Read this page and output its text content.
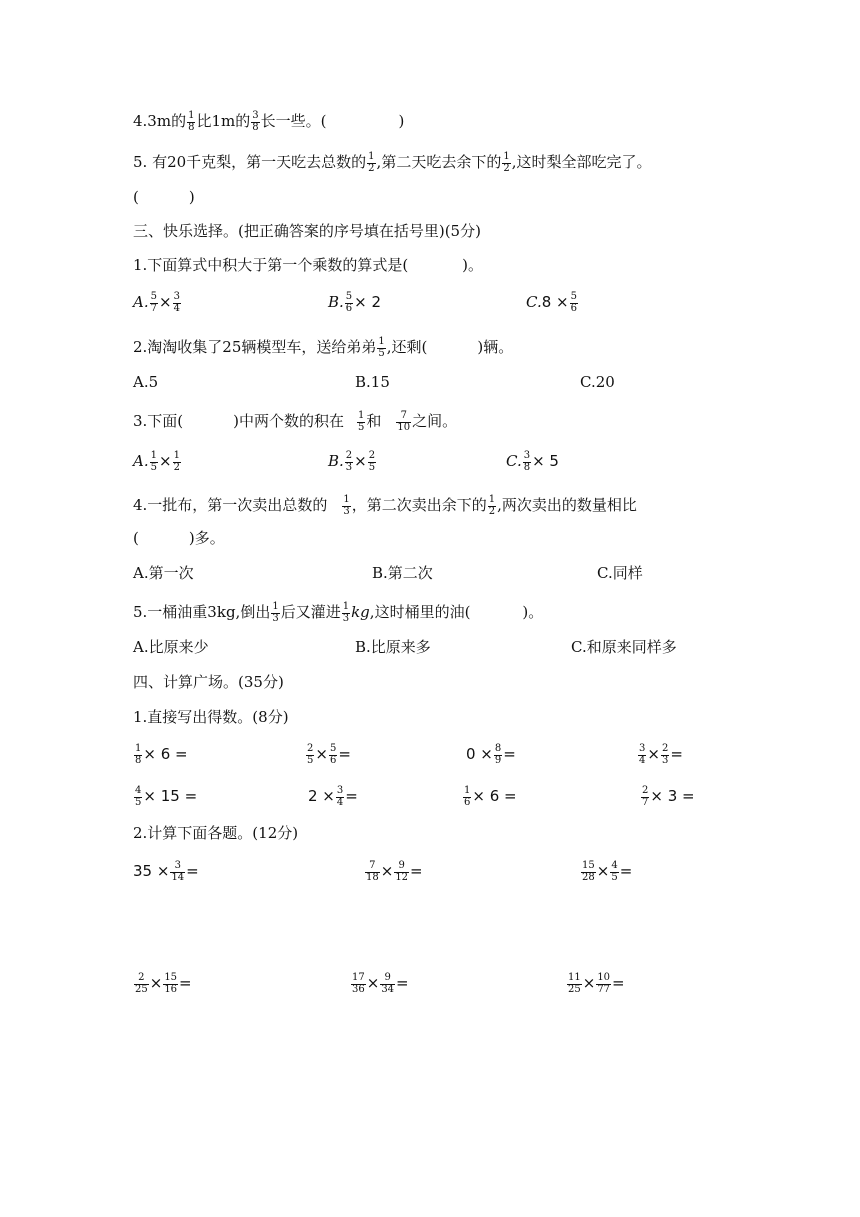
4.3m的 $\frac{1}{8}$ 比1m的 $\frac{3}{8}$ 长一些。(	)
5. 有20千克梨，第一天吃去总数的 $\frac{1}{2}$ ,第二天吃去余下的 $\frac{1}{2}$ ,这时梨全部吃完了。
(	)
三、快乐选择。(把正确答案的序号填在括号里)(5分)
1.下面算式中积大于第一个乘数的算式是(	)。
A. $\frac{5}{7} \times \frac{3}{4}$	B. $\frac{5}{6} \times 2$	$C.8 \times \frac{5}{6}$
2.淘淘收集了25辆模型车，送给弟弟 $\frac{1}{5}$ ,还剩(	)辆。
A.5	B.15	C.20
3.下面(	)中两个数的积在 $\frac{1}{5}$ 和 $\frac{7}{10}$ 之间。
A. $\frac{1}{5} \times \frac{1}{2}$	B. $\frac{2}{3} \times \frac{2}{5}$	C. $\frac{3}{8} \times 5$
4.一批布，第一次卖出总数的 $\frac{1}{3}$ ，第二次卖出余下的 $\frac{1}{2}$ ,两次卖出的数量相比
(	)多。
A.第一次	B.第二次	C.同样
5.一桶油重3kg,倒出 $\frac{1}{3}$ 后又灌进 $\frac{1}{3}$ kg,这时桶里的油(	)。
A.比原来少	B.比原来多	C.和原来同样多
四、计算广场。(35分)
1.直接写出得数。(8分)
$\frac{1}{8} \times 6$ =	$\frac{2}{5} \times \frac{5}{6}$ =	$0 \times \frac{8}{9}$ =	$\frac{3}{4} \times \frac{2}{3}$ =
$\frac{4}{5} \times 15$ =	$2 \times \frac{3}{4}$ =	$\frac{1}{6} \times 6$ =	$\frac{2}{7} \times 3$ =
2.计算下面各题。(12分)
$35 \times \frac{3}{14}$ =	$\frac{7}{18} \times \frac{9}{12}$ =	$\frac{15}{28} \times \frac{4}{5}$ =
$\frac{2}{25} \times \frac{15}{16}$ =	$\frac{17}{36} \times \frac{9}{34}$ =	$\frac{11}{25} \times \frac{10}{77}$ =
